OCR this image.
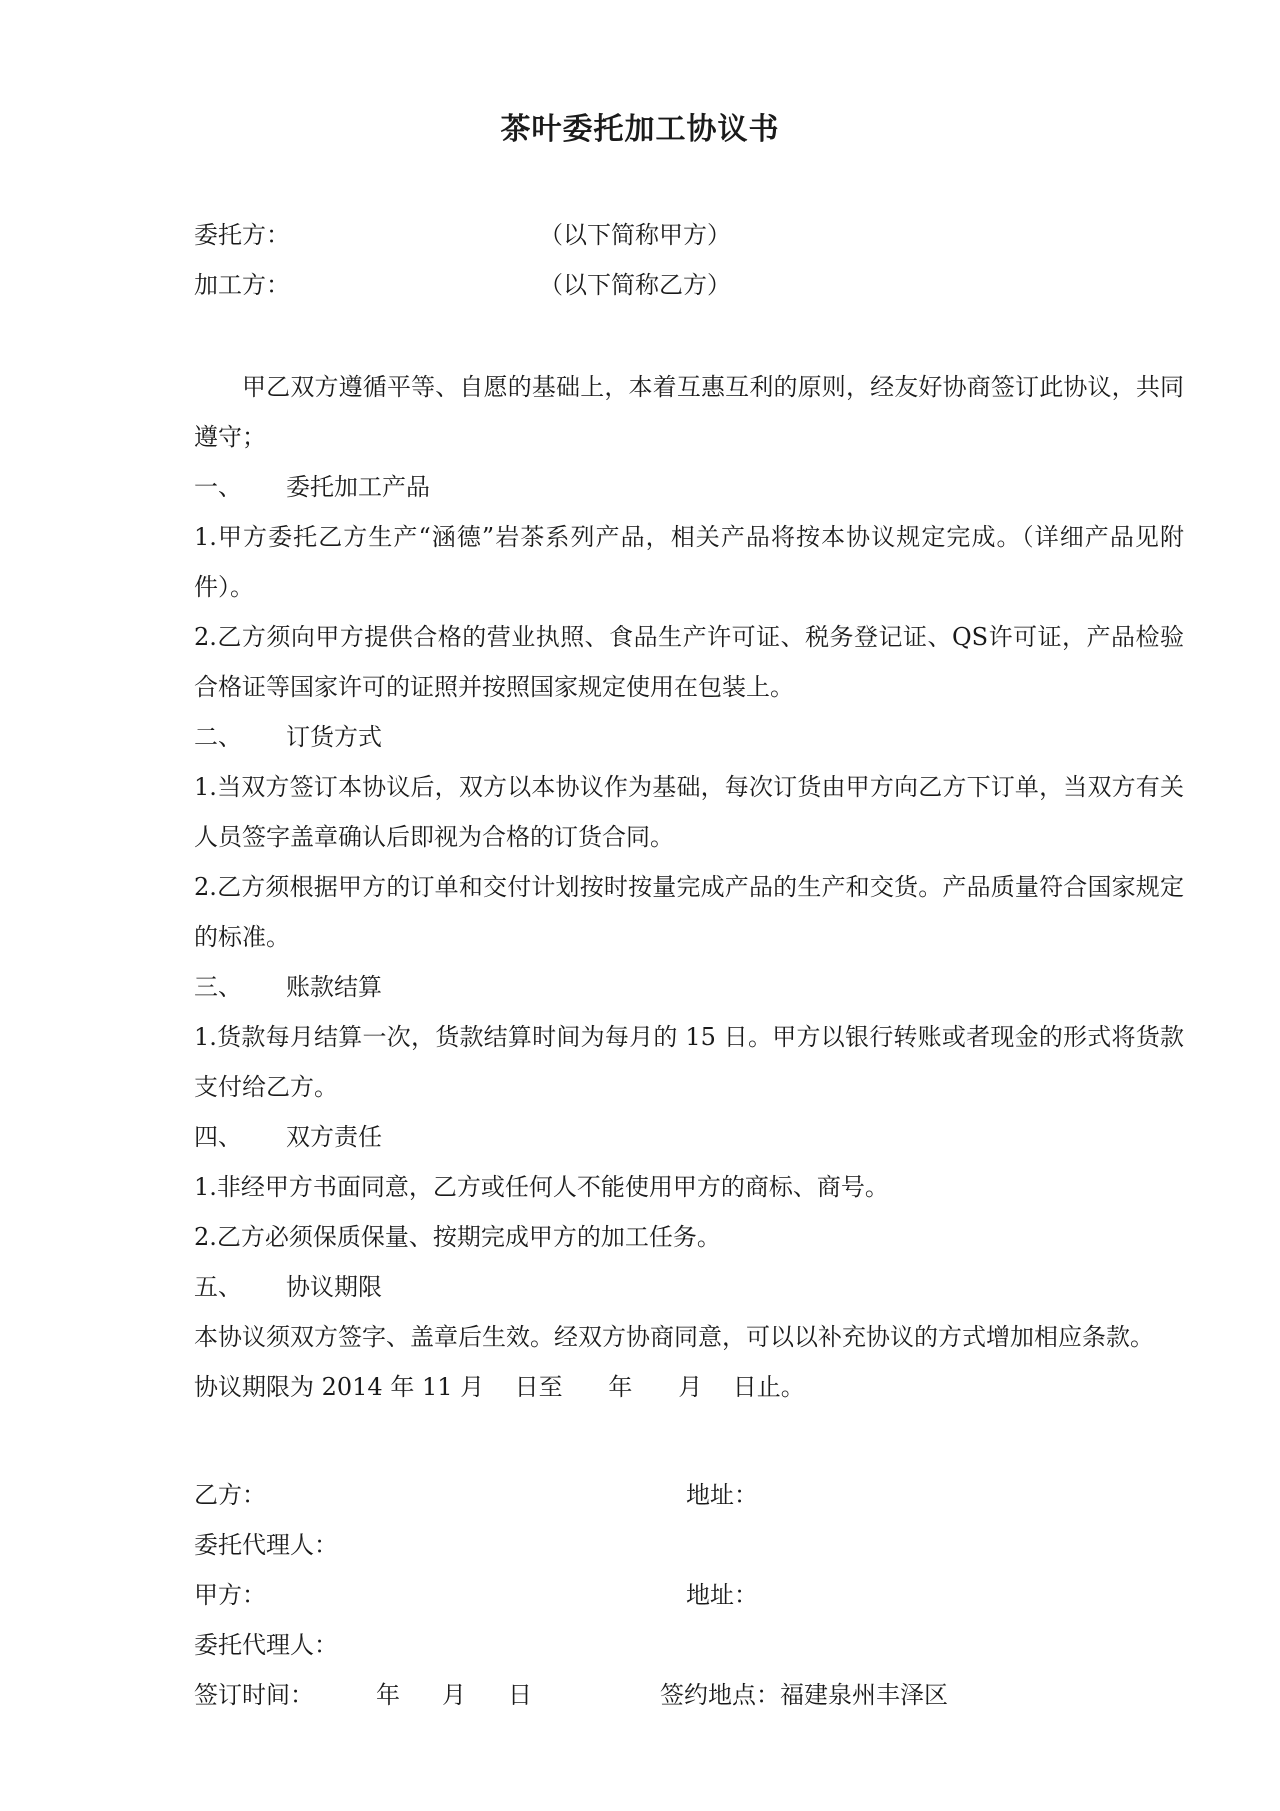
茶叶委托加工协议书
委托方：	（以下简称甲方）
加工方：	（以下简称乙方）

甲乙双方遵循平等、自愿的基础上，本着互惠互利的原则，经友好协商签订此协议，共同遵守；

一、	委托加工产品

1.甲方委托乙方生产“涵德”岩茶系列产品，相关产品将按本协议规定完成。（详细产品见附件）。

2.乙方须向甲方提供合格的营业执照、食品生产许可证、税务登记证、QS许可证，产品检验合格证等国家许可的证照并按照国家规定使用在包装上。

二、	订货方式

1.当双方签订本协议后，双方以本协议作为基础，每次订货由甲方向乙方下订单，当双方有关人员签字盖章确认后即视为合格的订货合同。

2.乙方须根据甲方的订单和交付计划按时按量完成产品的生产和交货。产品质量符合国家规定的标准。

三、	账款结算

1.货款每月结算一次，货款结算时间为每月的 15 日。甲方以银行转账或者现金的形式将货款支付给乙方。

四、	双方责任

1.非经甲方书面同意，乙方或任何人不能使用甲方的商标、商号。

2.乙方必须保质保量、按期完成甲方的加工任务。

五、	协议期限

本协议须双方签字、盖章后生效。经双方协商同意，可以以补充协议的方式增加相应条款。

协议期限为 2014 年 11 月    日至      年      月    日止。
乙方：	地址：
委托代理人：
甲方：	地址：
委托代理人：
签订时间：	年	月	日	签约地点：福建泉州丰泽区
